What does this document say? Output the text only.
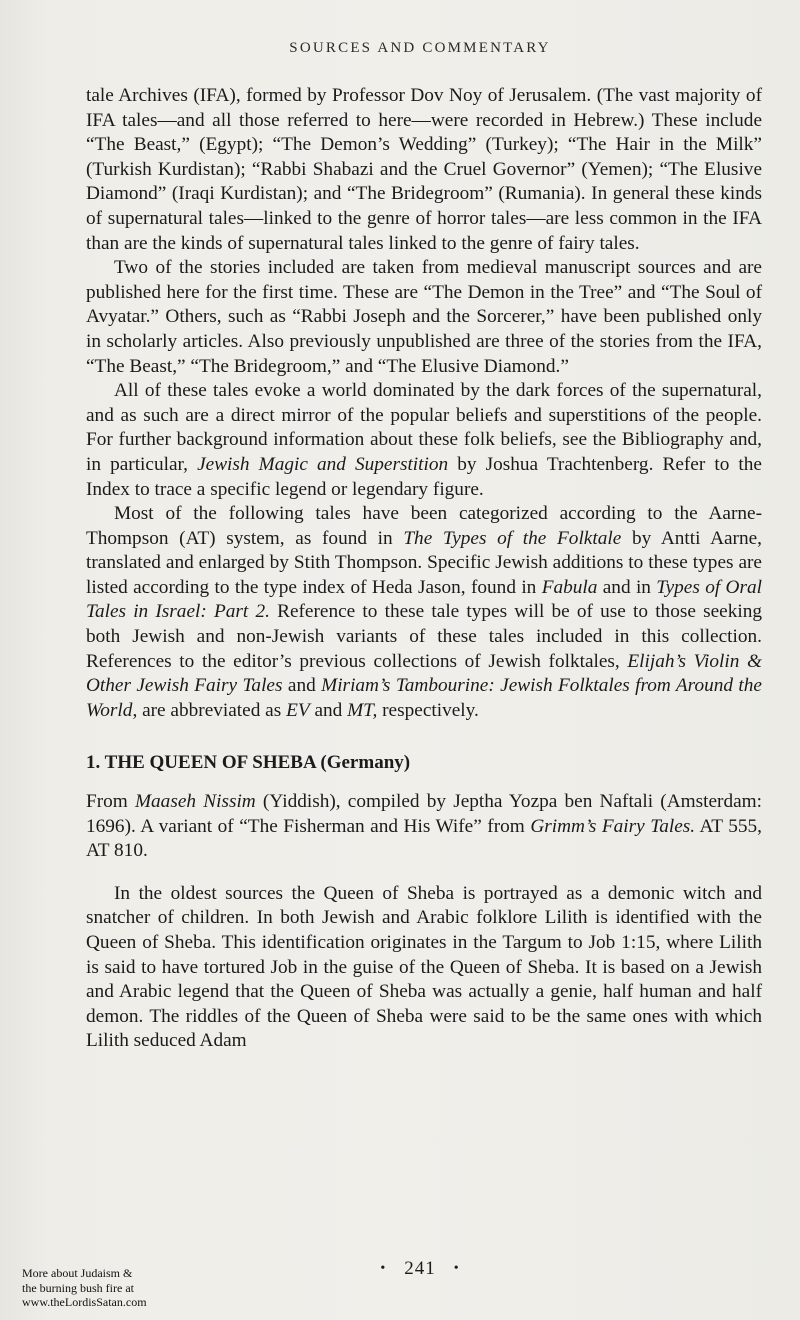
SOURCES AND COMMENTARY

tale Archives (IFA), formed by Professor Dov Noy of Jerusalem. (The vast majority of IFA tales—and all those referred to here—were recorded in Hebrew.) These include “The Beast,” (Egypt); “The Demon’s Wedding” (Turkey); “The Hair in the Milk” (Turkish Kurdistan); “Rabbi Shabazi and the Cruel Governor” (Yemen); “The Elusive Diamond” (Iraqi Kurdistan); and “The Bridegroom” (Rumania). In general these kinds of supernatural tales—linked to the genre of horror tales—are less common in the IFA than are the kinds of supernatural tales linked to the genre of fairy tales.

Two of the stories included are taken from medieval manuscript sources and are published here for the first time. These are “The Demon in the Tree” and “The Soul of Avyatar.” Others, such as “Rabbi Joseph and the Sorcerer,” have been published only in scholarly articles. Also previously unpublished are three of the stories from the IFA, “The Beast,” “The Bridegroom,” and “The Elusive Diamond.”

All of these tales evoke a world dominated by the dark forces of the supernatural, and as such are a direct mirror of the popular beliefs and superstitions of the people. For further background information about these folk beliefs, see the Bibliography and, in particular, Jewish Magic and Superstition by Joshua Trachtenberg. Refer to the Index to trace a specific legend or legendary figure.

Most of the following tales have been categorized according to the Aarne-Thompson (AT) system, as found in The Types of the Folktale by Antti Aarne, translated and enlarged by Stith Thompson. Specific Jewish additions to these types are listed according to the type index of Heda Jason, found in Fabula and in Types of Oral Tales in Israel: Part 2. Reference to these tale types will be of use to those seeking both Jewish and non-Jewish variants of these tales included in this collection. References to the editor’s previous collections of Jewish folktales, Elijah’s Violin & Other Jewish Fairy Tales and Miriam’s Tambourine: Jewish Folktales from Around the World, are abbreviated as EV and MT, respectively.

1. THE QUEEN OF SHEBA (Germany)

From Maaseh Nissim (Yiddish), compiled by Jeptha Yozpa ben Naftali (Amsterdam: 1696). A variant of “The Fisherman and His Wife” from Grimm’s Fairy Tales. AT 555, AT 810.

In the oldest sources the Queen of Sheba is portrayed as a demonic witch and snatcher of children. In both Jewish and Arabic folklore Lilith is identified with the Queen of Sheba. This identification originates in the Targum to Job 1:15, where Lilith is said to have tortured Job in the guise of the Queen of Sheba. It is based on a Jewish and Arabic legend that the Queen of Sheba was actually a genie, half human and half demon. The riddles of the Queen of Sheba were said to be the same ones with which Lilith seduced Adam

• 241 •
More about Judaism &
the burning bush fire at
www.theLordisSatan.com
